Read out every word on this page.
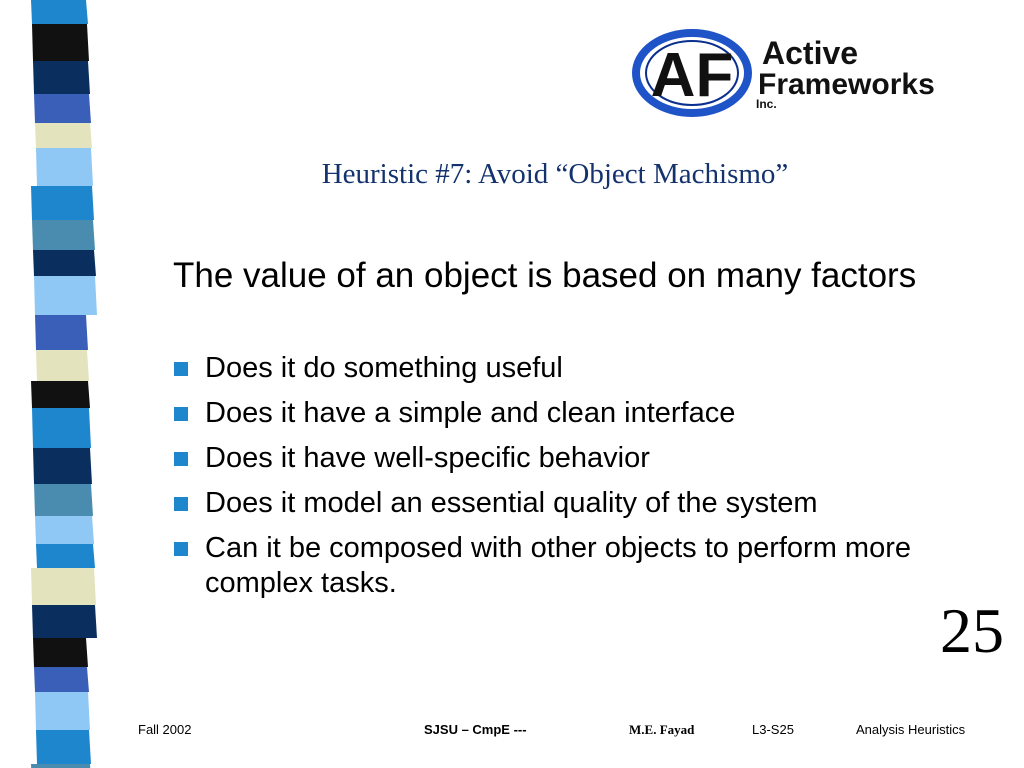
AF Active
Frameworks
Inc.
Heuristic #7: Avoid “Object Machismo”

The value of an object is based on many factors

Does it do something useful
Does it have a simple and clean interface
Does it have well-specific behavior
Does it model an essential quality of the system
Can it be composed with other objects to perform more complex tasks.
25
Fall 2002	SJSU – CmpE ---	M.E. Fayad	L3-S25	Analysis Heuristics
